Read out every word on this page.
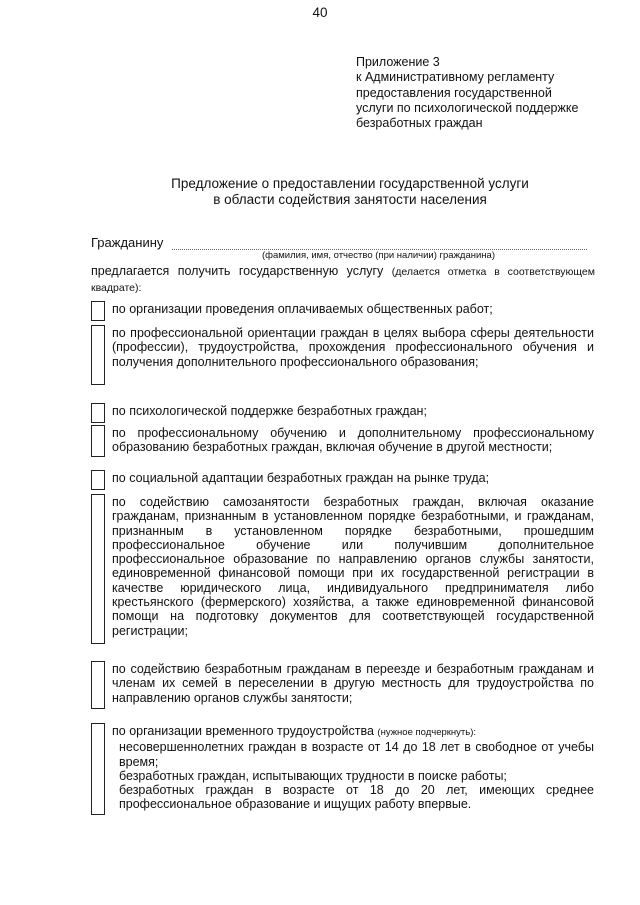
40
Приложение 3
к Административному регламенту
предоставления государственной
услуги по психологической поддержке
безработных граждан
Предложение о предоставлении государственной услуги
в области содействия занятости населения
Гражданину
(фамилия, имя, отчество (при наличии) гражданина)
предлагается получить государственную услугу (делается отметка в соответствующем квадрате):
по организации проведения оплачиваемых общественных работ;
по профессиональной ориентации граждан в целях выбора сферы деятельности (профессии), трудоустройства, прохождения профессионального обучения и получения дополнительного профессионального образования;
по психологической поддержке безработных граждан;
по профессиональному обучению и дополнительному профессиональному образованию безработных граждан, включая обучение в другой местности;
по социальной адаптации безработных граждан на рынке труда;
по содействию самозанятости безработных граждан, включая оказание гражданам, признанным в установленном порядке безработными, и гражданам, признанным в установленном порядке безработными, прошедшим профессиональное обучение или получившим дополнительное профессиональное образование по направлению органов службы занятости, единовременной финансовой помощи при их государственной регистрации в качестве юридического лица, индивидуального предпринимателя либо крестьянского (фермерского) хозяйства, а также единовременной финансовой помощи на подготовку документов для соответствующей государственной регистрации;
по содействию безработным гражданам в переезде и безработным гражданам и членам их семей в переселении в другую местность для трудоустройства по направлению органов службы занятости;
по организации временного трудоустройства (нужное подчеркнуть):
несовершеннолетних граждан в возрасте от 14 до 18 лет в свободное от учебы время;
безработных граждан, испытывающих трудности в поиске работы;
безработных граждан в возрасте от 18 до 20 лет, имеющих среднее профессиональное образование и ищущих работу впервые.
